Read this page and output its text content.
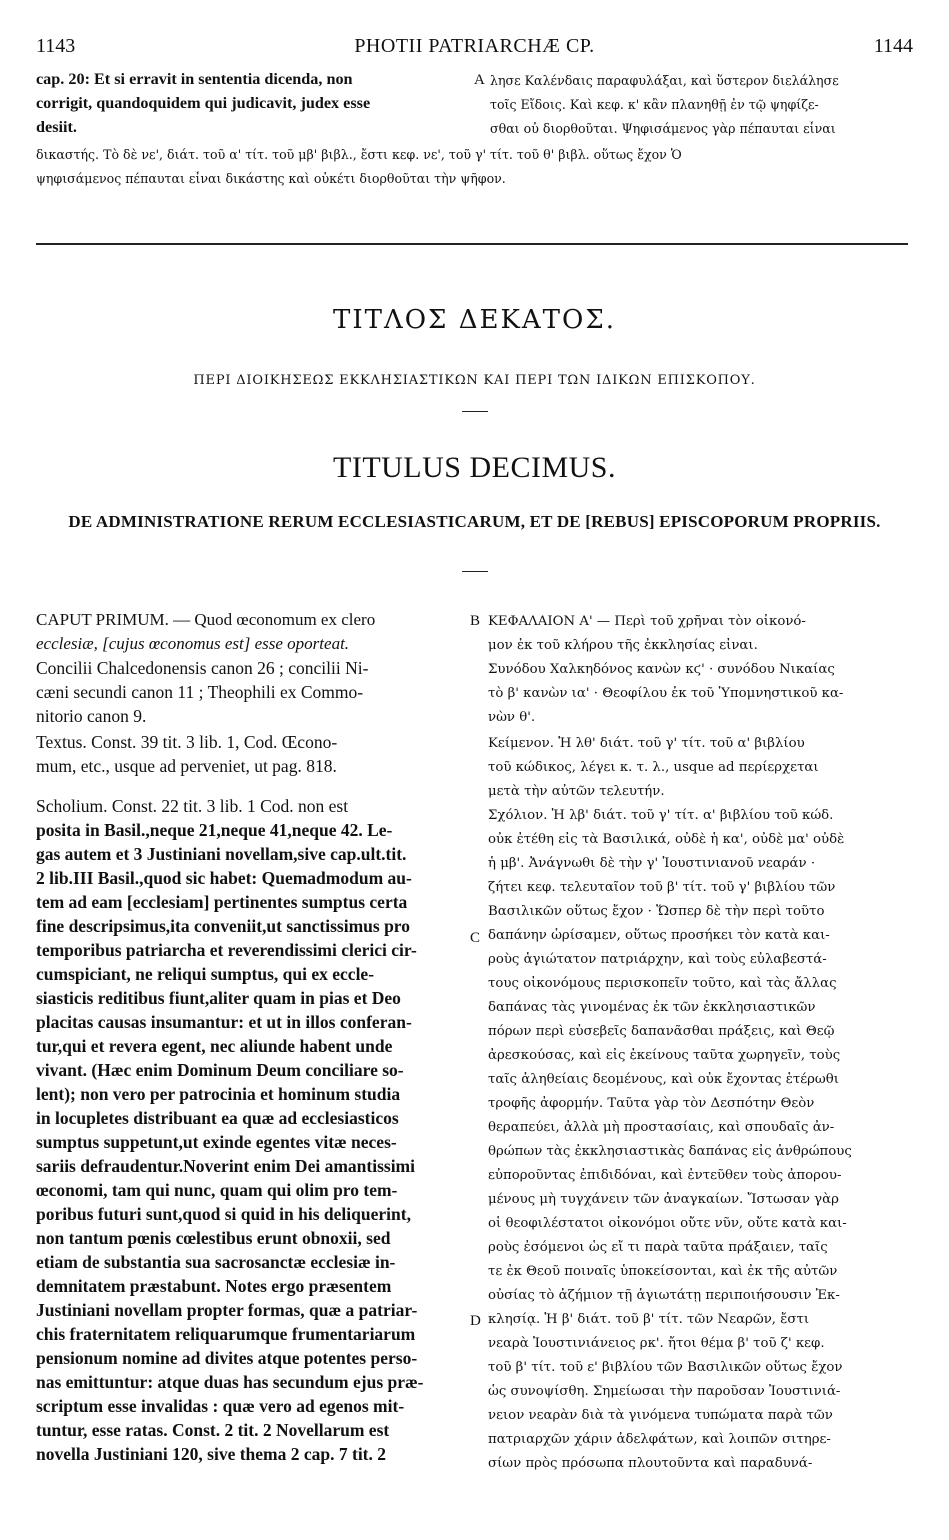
1143	PHOTII PATRIARCHÆ CP.	1144
cap. 20: Et si erravit in sententia dicenda, non
corrigit, quandoquidem qui judicavit, judex esse
desiit.
A λησε Καλένδαις παραφυλάξαι, καὶ ὕστερον διελάλησε
τοῖς Εἴδοις. Καὶ κεφ. κ' κἂν πλανηθῇ ἐν τῷ ψηφίζε-
σθαι οὐ διορθοῦται. Ψηφισάμενος γὰρ πέπαυται εἶναι
δικαστής. Τὸ δὲ νε', διάτ. τοῦ α' τίτ. τοῦ μβ' βιβλ., ἔστι κεφ. νε', τοῦ γ' τίτ. τοῦ θ' βιβλ. οὕτως ἔχον Ὁ
ψηφισάμενος πέπαυται εἶναι δικάστης καὶ οὐκέτι διορθοῦται τὴν ψῆφον.
ΤΙΤΛΟΣ ΔΕΚΑΤΟΣ.
ΠΕΡΙ ΔΙΟΙΚΗΣΕΩΣ ΕΚΚΛΗΣΙΑΣΤΙΚΩΝ ΚΑΙ ΠΕΡΙ ΤΩΝ ΙΔΙΚΩΝ ΕΠΙΣΚΟΠΟΥ.
TITULUS DECIMUS.
DE ADMINISTRATIONE RERUM ECCLESIASTICARUM, ET DE [REBUS] EPISCOPORUM PROPRIIS.
B
C
D
CAPUT PRIMUM. — Quod œconomum ex clero
ecclesiæ, [cujus œconomus est] esse oporteat.
Concilii Chalcedonensis canon 26 ; concilii Ni-
cæni secundi canon 11 ; Theophili ex Commo-
nitorio canon 9.
Textus. Const. 39 tit. 3 lib. 1, Cod. Œcono-
mum, etc., usque ad perveniet, ut pag. 818.
Scholium. Const. 22 tit. 3 lib. 1 Cod. non est
posita in Basil.,neque 21,neque 41,neque 42. Le-
gas autem et 3 Justiniani novellam,sive cap.ult.tit.
2 lib.III Basil.,quod sic habet: Quemadmodum au-
tem ad eam [ecclesiam] pertinentes sumptus certa
fine descripsimus,ita conveniit,ut sanctissimus pro
temporibus patriarcha et reverendissimi clerici cir-
cumspiciant, ne reliqui sumptus, qui ex eccle-
siasticis reditibus fiunt,aliter quam in pias et Deo
placitas causas insumantur: et ut in illos conferan-
tur,qui et revera egent, nec aliunde habent unde
vivant. (Hæc enim Dominum Deum conciliare so-
lent); non vero per patrocinia et hominum studia
in locupletes distribuant ea quæ ad ecclesiasticos
sumptus suppetunt,ut exinde egentes vitæ neces-
sariis defraudentur.Noverint enim Dei amantissimi
œconomi, tam qui nunc, quam qui olim pro tem-
poribus futuri sunt,quod si quid in his deliquerint,
non tantum pœnis cœlestibus erunt obnoxii, sed
etiam de substantia sua sacrosanctæ ecclesiæ in-
demnitatem præstabunt. Notes ergo præsentem
Justiniani novellam propter formas, quæ a patriar-
chis fraternitatem reliquarumque frumentariarum
pensionum nomine ad divites atque potentes perso-
nas emittuntur: atque duas has secundum ejus præ-
scriptum esse invalidas : quæ vero ad egenos mit-
tuntur, esse ratas. Const. 2 tit. 2 Novellarum est
novella Justiniani 120, sive thema 2 cap. 7 tit. 2
ΚΕΦΑΛΑΙΟΝ Α' — Περὶ τοῦ χρῆναι τὸν οἰκονό-
μον ἐκ τοῦ κλήρου τῆς ἐκκλησίας εἶναι.
Συνόδου Χαλκηδόνος κανὼν κϛ' · συνόδου Νικαίας
τὸ β' κανὼν ια' · Θεοφίλου ἐκ τοῦ Ὑπομνηστικοῦ κα-
νὼν θ'.
Κείμενον. Ἡ λθ' διάτ. τοῦ γ' τίτ. τοῦ α' βιβλίου
τοῦ κώδικος, λέγει κ. τ. λ., usque ad περίερχεται
μετὰ τὴν αὐτῶν τελευτήν.
Σχόλιον. Ἡ λβ' διάτ. τοῦ γ' τίτ. α' βιβλίου τοῦ κώδ.
οὐκ ἐτέθη εἰς τὰ Βασιλικά, οὐδὲ ἡ κα', οὐδὲ μα' οὐδὲ
ἡ μβ'. Ἀνάγνωθι δὲ τὴν γ' Ἰουστινιανοῦ νεαράν ·
ζήτει κεφ. τελευταῖον τοῦ β' τίτ. τοῦ γ' βιβλίου τῶν
Βασιλικῶν οὕτως ἔχον · Ὥσπερ δὲ τὴν περὶ τοῦτο
δαπάνην ὡρίσαμεν, οὕτως προσήκει τὸν κατὰ και-
ροὺς ἁγιώτατον πατριάρχην, καὶ τοὺς εὐλαβεστά-
τους οἰκονόμους περισκοπεῖν τοῦτο, καὶ τὰς ἄλλας
δαπάνας τὰς γινομένας ἐκ τῶν ἐκκλησιαστικῶν
πόρων περὶ εὐσεβεῖς δαπανᾶσθαι πράξεις, καὶ Θεῷ
ἀρεσκούσας, καὶ εἰς ἐκείνους ταῦτα χωρηγεῖν, τοὺς
ταῖς ἀληθείαις δεομένους, καὶ οὐκ ἔχοντας ἑτέρωθι
τροφῆς ἀφορμήν. Ταῦτα γὰρ τὸν Δεσπότην Θεὸν
θεραπεύει, ἀλλὰ μὴ προστασίαις, καὶ σπουδαῖς ἀν-
θρώπων τὰς ἐκκλησιαστικὰς δαπάνας εἰς ἀνθρώπους
εὐποροῦντας ἐπιδιδόναι, καὶ ἐντεῦθεν τοὺς ἀπορου-
μένους μὴ τυγχάνειν τῶν ἀναγκαίων. Ἴστωσαν γὰρ
οἱ θεοφιλέστατοι οἰκονόμοι οὔτε νῦν, οὔτε κατὰ και-
ροὺς ἐσόμενοι ὡς εἴ τι παρὰ ταῦτα πράξαιεν, ταῖς
τε ἐκ Θεοῦ ποιναῖς ὑποκείσονται, καὶ ἐκ τῆς αὐτῶν
οὐσίας τὸ ἀζήμιον τῇ ἁγιωτάτῃ περιποιήσουσιν Ἐκ-
κλησίᾳ. Ἡ β' διάτ. τοῦ β' τίτ. τῶν Νεαρῶν, ἔστι
νεαρὰ Ἰουστινιάνειος ρκ'. ἤτοι θέμα β' τοῦ ζ' κεφ.
τοῦ β' τίτ. τοῦ ε' βιβλίου τῶν Βασιλικῶν οὕτως ἔχον
ὡς συνοψίσθη. Σημείωσαι τὴν παροῦσαν Ἰουστινιά-
νειον νεαρὰν διὰ τὰ γινόμενα τυπώματα παρὰ τῶν
πατριαρχῶν χάριν ἀδελφάτων, καὶ λοιπῶν σιτηρε-
σίων πρὸς πρόσωπα πλουτοῦντα καὶ παραδυνά-
